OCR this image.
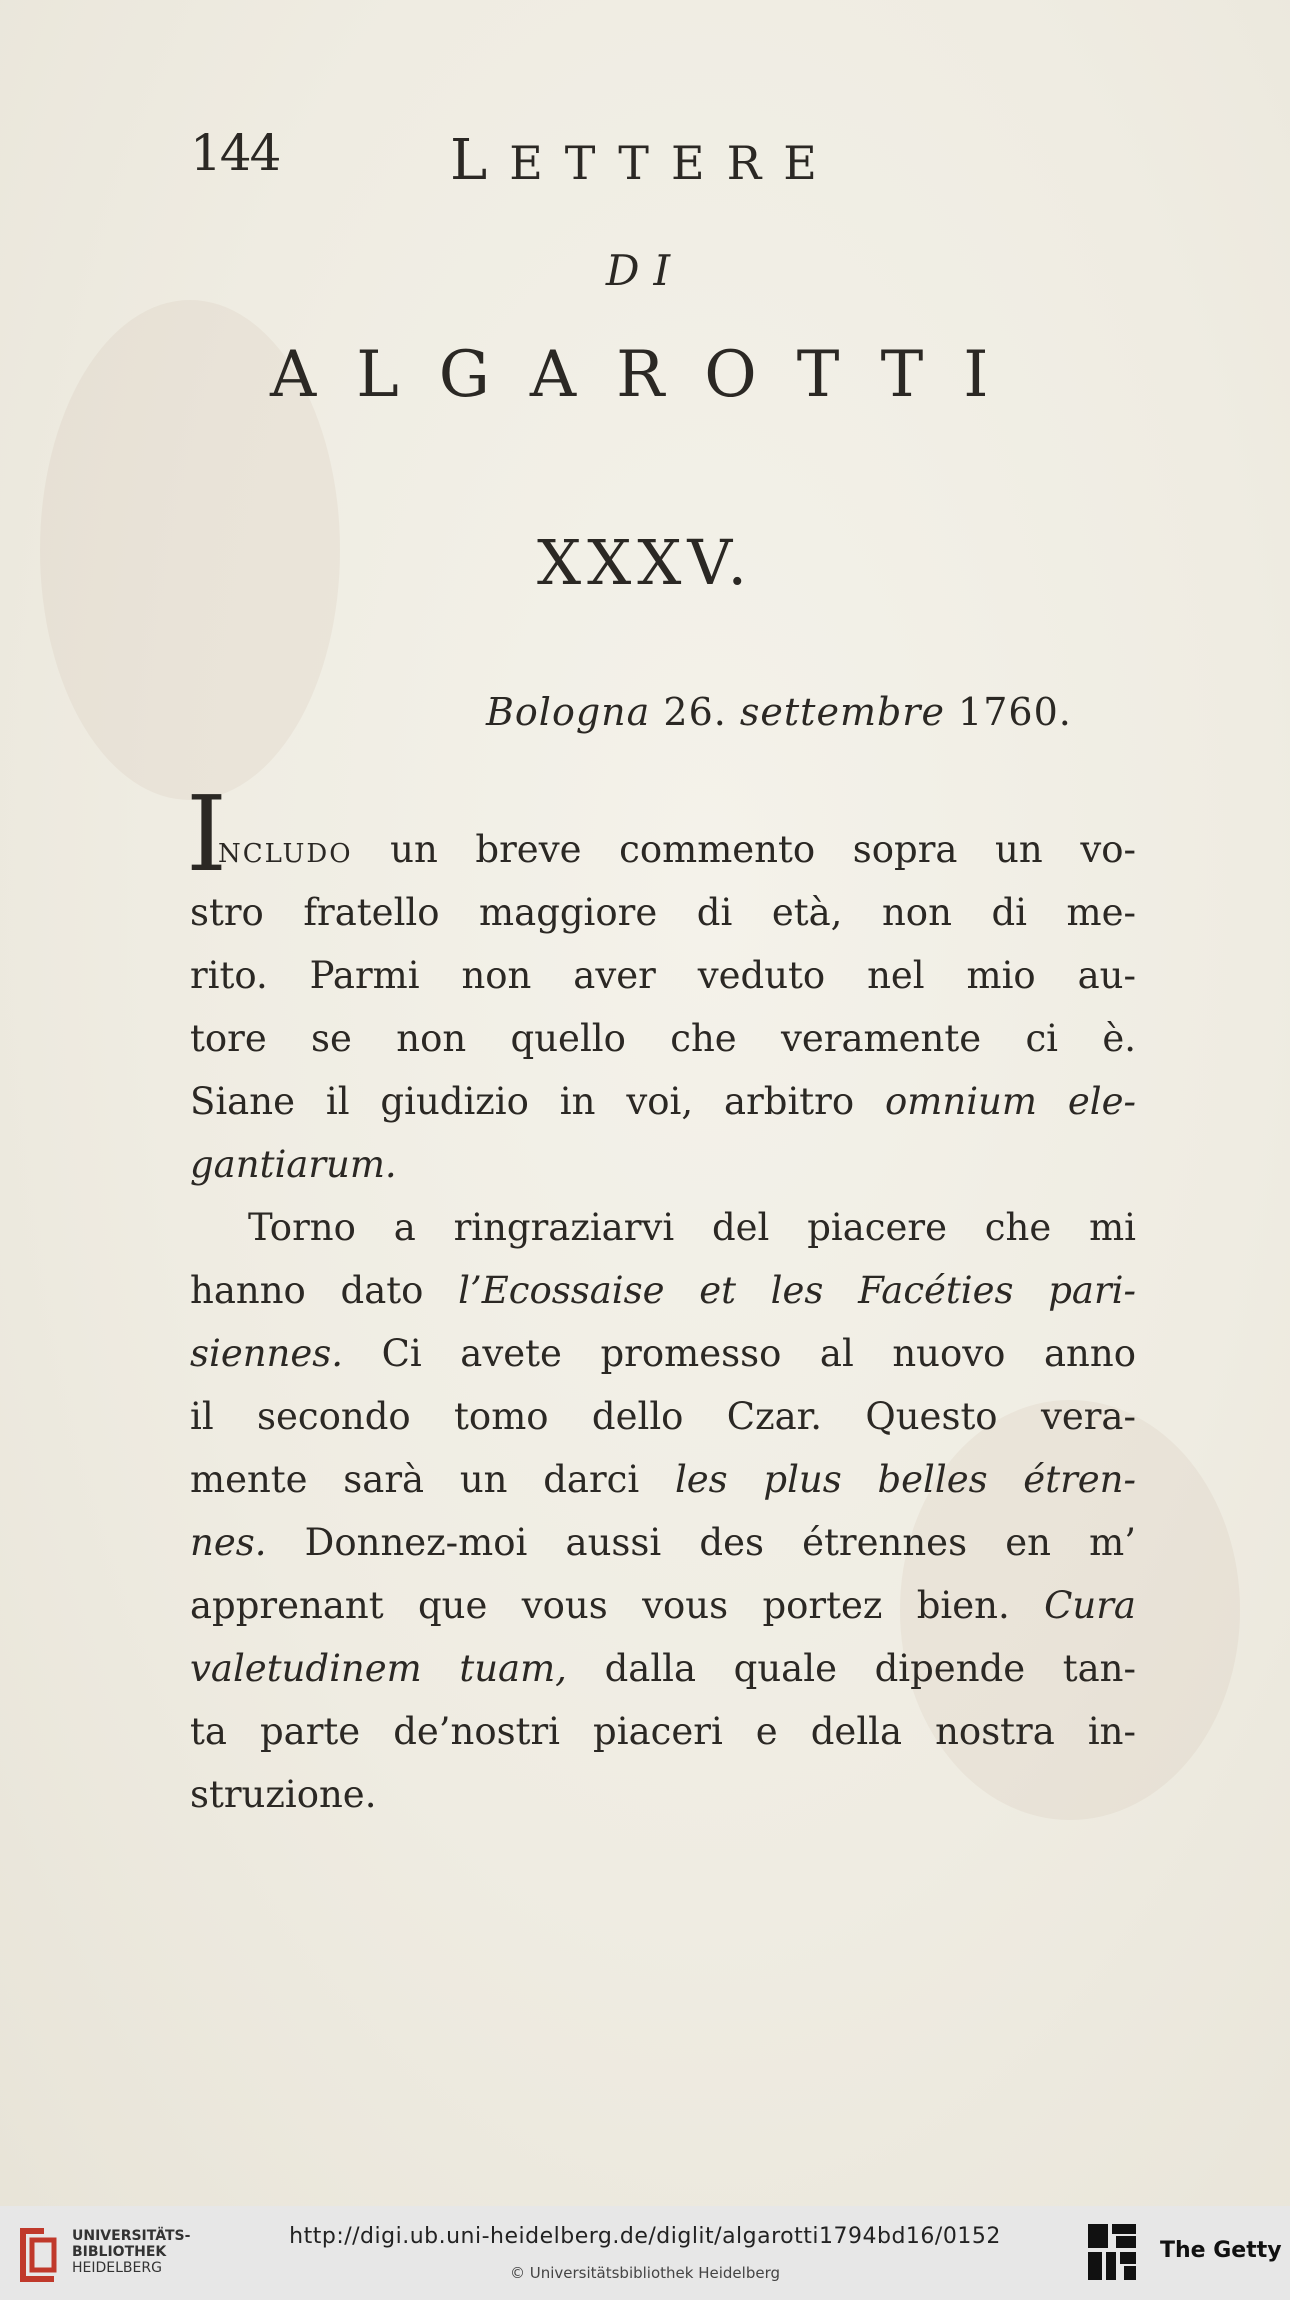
144	LETTERE
DI
ALGAROTTI
XXXV.
Bologna 26. settembre 1760.
I
ncludo un breve commento sopra un vo-
stro fratello maggiore di età, non di me-
rito. Parmi non aver veduto nel mio au-
tore se non quello che veramente ci è.
Siane il giudizio in voi, arbitro omnium ele-
gantiarum.
Torno a ringraziarvi del piacere che mi
hanno dato l’Ecossaise et les Facéties pari-
siennes. Ci avete promesso al nuovo anno
il secondo tomo dello Czar. Questo vera-
mente sarà un darci les plus belles étren-
nes. Donnez-moi aussi des étrennes en m’
apprenant que vous vous portez bien. Cura
valetudinem tuam, dalla quale dipende tan-
ta parte de’nostri piaceri e della nostra in-
struzione.
UNIVERSITÄTS-
BIBLIOTHEK
HEIDELBERG
http://digi.ub.uni-heidelberg.de/diglit/algarotti1794bd16/0152
© Universitätsbibliothek Heidelberg
The Getty
